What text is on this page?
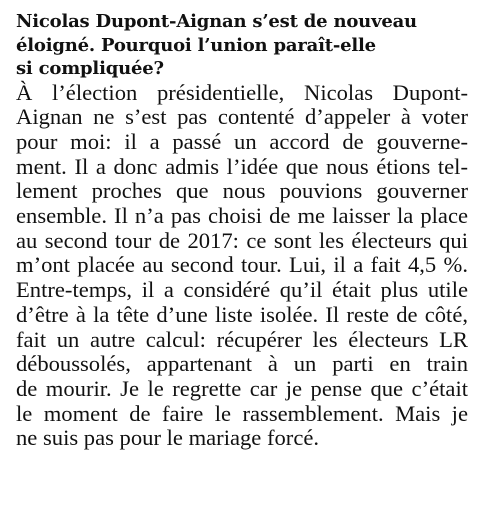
Nicolas Dupont-Aignan s’est de nouveau
éloigné. Pourquoi l’union paraît-elle
si compliquée?

À l’élection présidentielle, Nicolas Dupont-
Aignan ne s’est pas contenté d’appeler à voter
pour moi: il a passé un accord de gouverne-
ment. Il a donc admis l’idée que nous étions tel-
lement proches que nous pouvions gouverner
ensemble. Il n’a pas choisi de me laisser la place
au second tour de 2017: ce sont les électeurs qui
m’ont placée au second tour. Lui, il a fait 4,5 %.
Entre-temps, il a considéré qu’il était plus utile
d’être à la tête d’une liste isolée. Il reste de côté,
fait un autre calcul: récupérer les électeurs LR
déboussolés, appartenant à un parti en train
de mourir. Je le regrette car je pense que c’était
le moment de faire le rassemblement. Mais je
ne suis pas pour le mariage forcé.
